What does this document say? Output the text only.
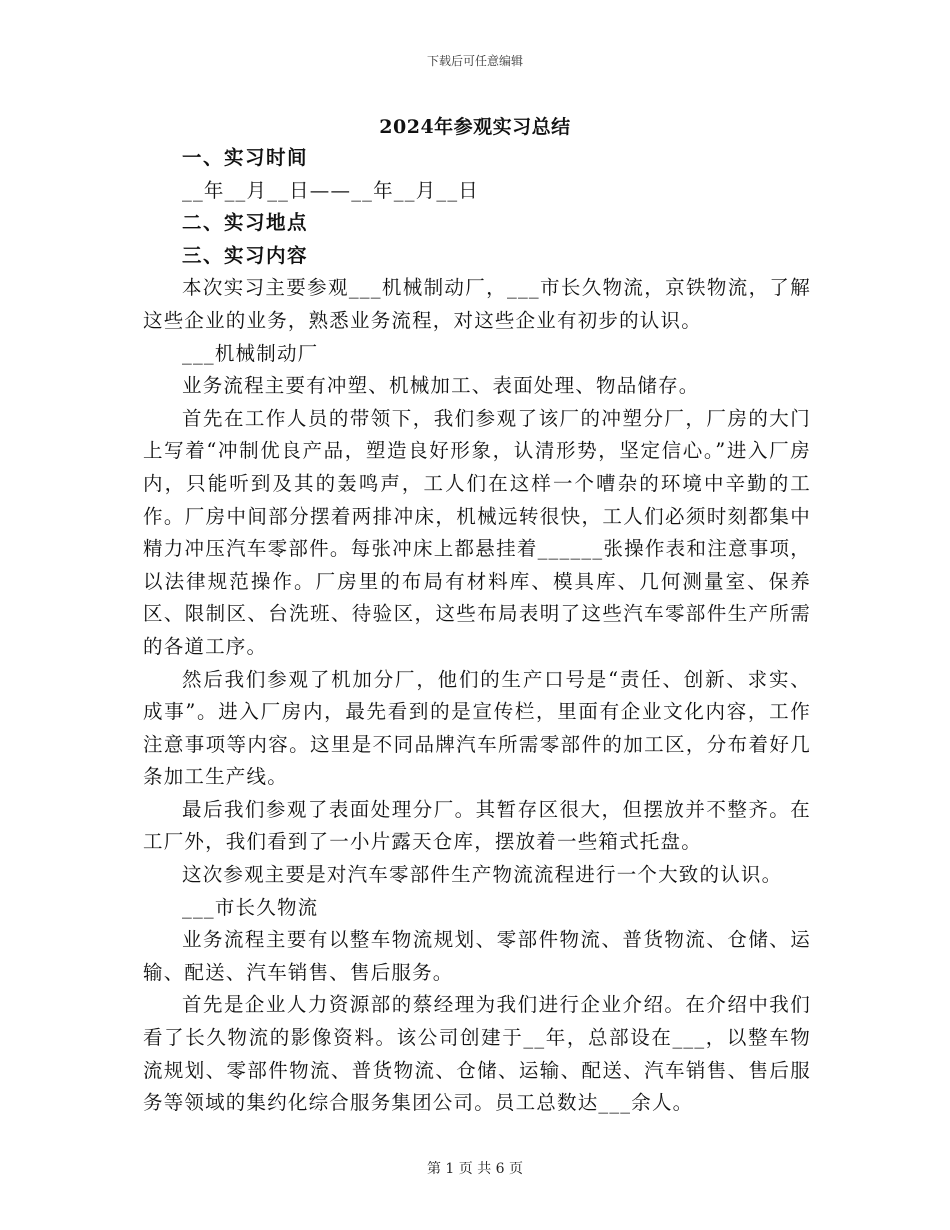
下载后可任意编辑
2024年参观实习总结
一、实习时间

__年__月__日——__年__月__日

二、实习地点
三、实习内容

本次实习主要参观___机械制动厂，___市长久物流，京铁物流，了解这些企业的业务，熟悉业务流程，对这些企业有初步的认识。

___机械制动厂

业务流程主要有冲塑、机械加工、表面处理、物品储存。

首先在工作人员的带领下，我们参观了该厂的冲塑分厂，厂房的大门上写着“冲制优良产品，塑造良好形象，认清形势，坚定信心。”进入厂房内，只能听到及其的轰鸣声，工人们在这样一个嘈杂的环境中辛勤的工作。厂房中间部分摆着两排冲床，机械远转很快，工人们必须时刻都集中精力冲压汽车零部件。每张冲床上都悬挂着______张操作表和注意事项，以法律规范操作。厂房里的布局有材料库、模具库、几何测量室、保养区、限制区、台洗班、待验区，这些布局表明了这些汽车零部件生产所需的各道工序。

然后我们参观了机加分厂，他们的生产口号是“责任、创新、求实、成事”。进入厂房内，最先看到的是宣传栏，里面有企业文化内容，工作注意事项等内容。这里是不同品牌汽车所需零部件的加工区，分布着好几条加工生产线。

最后我们参观了表面处理分厂。其暂存区很大，但摆放并不整齐。在工厂外，我们看到了一小片露天仓库，摆放着一些箱式托盘。

这次参观主要是对汽车零部件生产物流流程进行一个大致的认识。

___市长久物流

业务流程主要有以整车物流规划、零部件物流、普货物流、仓储、运输、配送、汽车销售、售后服务。

首先是企业人力资源部的蔡经理为我们进行企业介绍。在介绍中我们看了长久物流的影像资料。该公司创建于__年，总部设在___，以整车物流规划、零部件物流、普货物流、仓储、运输、配送、汽车销售、售后服务等领域的集约化综合服务集团公司。员工总数达___余人。

第 1 页 共 6 页
